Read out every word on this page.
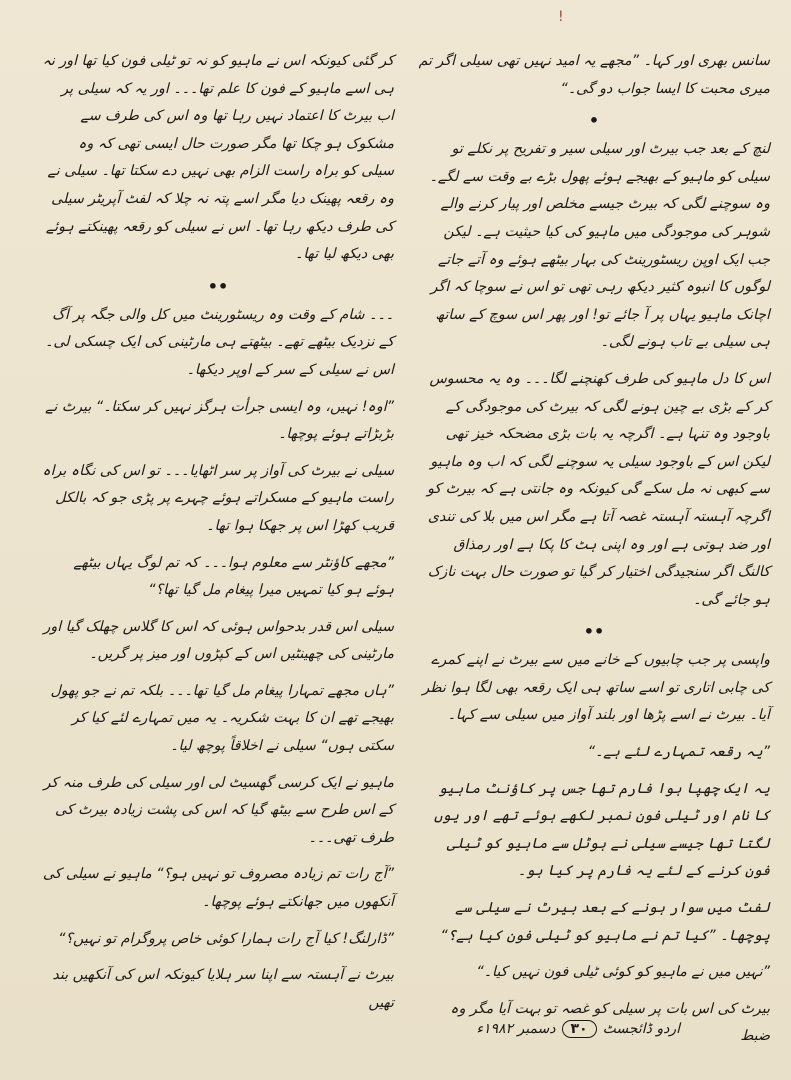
!

سانس بھری اور کہا۔ ”مجھے یہ امید نہیں تھی سیلی اگر تم میری محبت کا ایسا جواب دو گی۔“

•

لنچ کے بعد جب بیرٹ اور سیلی سیر و تفریح پر نکلے تو سیلی کو ماہیو کے بھیجے ہوئے پھول بڑے بے وقت سے لگے۔ وہ سوچنے لگی کہ بیرٹ جیسے مخلص اور پیار کرنے والے شوہر کی موجودگی میں ماہیو کی کیا حیثیت ہے۔ لیکن جب ایک اوپن ریسٹورینٹ کی بہار بیٹھے ہوئے وہ آتے جاتے لوگوں کا انبوہ کثیر دیکھ رہی تھی تو اس نے سوچا کہ اگر اچانک ماہیو یہاں پر آ جائے تو! اور پھر اس سوچ کے ساتھ ہی سیلی بے تاب ہونے لگی۔

اس کا دل ماہیو کی طرف کھنچنے لگا۔۔۔ وہ یہ محسوس کر کے بڑی بے چین ہونے لگی کہ بیرٹ کی موجودگی کے باوجود وہ تنہا ہے۔ اگرچہ یہ بات بڑی مضحکہ خیز تھی لیکن اس کے باوجود سیلی یہ سوچنے لگی کہ اب وہ ماہیو سے کبھی نہ مل سکے گی کیونکہ وہ جانتی ہے کہ بیرٹ کو اگرچہ آہستہ آہستہ غصہ آتا ہے مگر اس میں بلا کی تندی اور ضد ہوتی ہے اور وہ اپنی ہٹ کا پکا ہے اور رمذاق کالنگ اگر سنجیدگی اختیار کر گیا تو صورت حال بہت نازک ہو جائے گی۔

••

واپسی پر جب چابیوں کے خانے میں سے بیرٹ نے اپنے کمرے کی چابی اتاری تو اسے ساتھ ہی ایک رقعہ بھی لگا ہوا نظر آیا۔ بیرٹ نے اسے پڑھا اور بلند آواز میں سیلی سے کہا۔

”یہ رقعہ تمہارے لئے ہے۔“

یہ ایک چھپا ہوا فارم تھا جس پر کاؤنٹ ماہیو کا نام اور ٹیلی فون نمبر لکھے ہوئے تھے اور یوں لگتا تھا جیسے سیلی نے ہوٹل سے ماہیو کو ٹیلی فون کرنے کے لئے یہ فارم پر کیا ہو۔

لفٹ میں سوار ہونے کے بعد بیرٹ نے سیلی سے پوچھا۔ ”کیا تم نے ماہیو کو ٹیلی فون کیا ہے؟“

”نہیں میں نے ماہیو کو کوئی ٹیلی فون نہیں کیا۔“

بیرٹ کی اس بات پر سیلی کو غصہ تو بہت آیا مگر وہ ضبط

کر گئی کیونکہ اس نے ماہیو کو نہ تو ٹیلی فون کیا تھا اور نہ ہی اسے ماہیو کے فون کا علم تھا۔۔۔ اور یہ کہ سیلی پر اب بیرٹ کا اعتماد نہیں رہا تھا وہ اس کی طرف سے مشکوک ہو چکا تھا مگر صورت حال ایسی تھی کہ وہ سیلی کو براہ راست الزام بھی نہیں دے سکتا تھا۔ سیلی نے وہ رقعہ پھینک دیا مگر اسے پتہ نہ چلا کہ لفٹ آپریٹر سیلی کی طرف دیکھ رہا تھا۔ اس نے سیلی کو رقعہ پھینکتے ہوئے بھی دیکھ لیا تھا۔

••

۔۔۔ شام کے وقت وہ ریسٹورینٹ میں کل والی جگہ پر آگ کے نزدیک بیٹھے تھے۔ بیٹھتے ہی مارٹینی کی ایک چسکی لی۔ اس نے سیلی کے سر کے اوپر دیکھا۔

”اوہ! نہیں، وہ ایسی جرأت ہرگز نہیں کر سکتا۔“ بیرٹ نے بڑبڑاتے ہوئے پوچھا۔

سیلی نے بیرٹ کی آواز پر سر اٹھایا۔۔۔ تو اس کی نگاہ براہ راست ماہیو کے مسکراتے ہوئے چہرے پر پڑی جو کہ بالکل قریب کھڑا اس پر جھکا ہوا تھا۔

”مجھے کاؤنٹر سے معلوم ہوا۔۔۔ کہ تم لوگ یہاں بیٹھے ہوئے ہو کیا تمہیں میرا پیغام مل گیا تھا؟“

سیلی اس قدر بدحواس ہوئی کہ اس کا گلاس چھلک گیا اور مارٹینی کی چھینٹیں اس کے کپڑوں اور میز پر گریں۔

”ہاں مجھے تمہارا پیغام مل گیا تھا۔۔۔ بلکہ تم نے جو پھول بھیجے تھے ان کا بہت شکریہ۔ یہ میں تمہارے لئے کیا کر سکتی ہوں“ سیلی نے اخلاقاً پوچھ لیا۔

ماہیو نے ایک کرسی گھسیٹ لی اور سیلی کی طرف منہ کر کے اس طرح سے بیٹھ گیا کہ اس کی پشت زیادہ بیرٹ کی طرف تھی۔۔۔

”آج رات تم زیادہ مصروف تو نہیں ہو؟“ ماہیو نے سیلی کی آنکھوں میں جھانکتے ہوئے پوچھا۔

”ڈارلنگ! کیا آج رات ہمارا کوئی خاص پروگرام تو نہیں؟“

بیرٹ نے آہستہ سے اپنا سر ہلایا کیونکہ اس کی آنکھیں بند تھیں

اردو ڈائجسٹ
۳۰
دسمبر ۱۹۸۲ء
